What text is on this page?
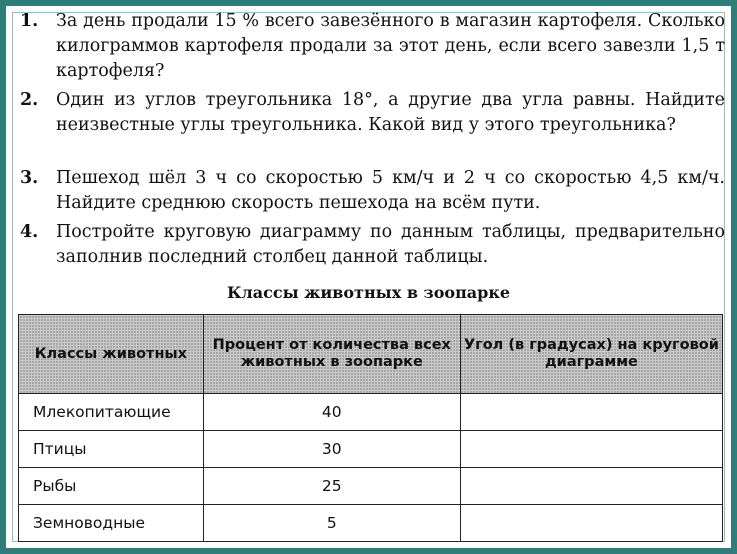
1. За день продали 15 % всего завезённого в магазин картофеля. Сколько килограммов картофеля продали за этот день, если всего завезли 1,5 т картофеля?
2. Один из углов треугольника 18°, а другие два угла равны. Найдите неизвестные углы треугольника. Какой вид у этого треугольника?
3. Пешеход шёл 3 ч со скоростью 5 км/ч и 2 ч со скоростью 4,5 км/ч. Найдите среднюю скорость пешехода на всём пути.
4. Постройте круговую диаграмму по данным таблицы, предварительно заполнив последний столбец данной таблицы.
Классы животных в зоопарке
Классы животных	Процент от количества всех животных в зоопарке	Угол (в градусах) на круговой диаграмме
Млекопитающие	40	
Птицы	30	
Рыбы	25	
Земноводные	5	
